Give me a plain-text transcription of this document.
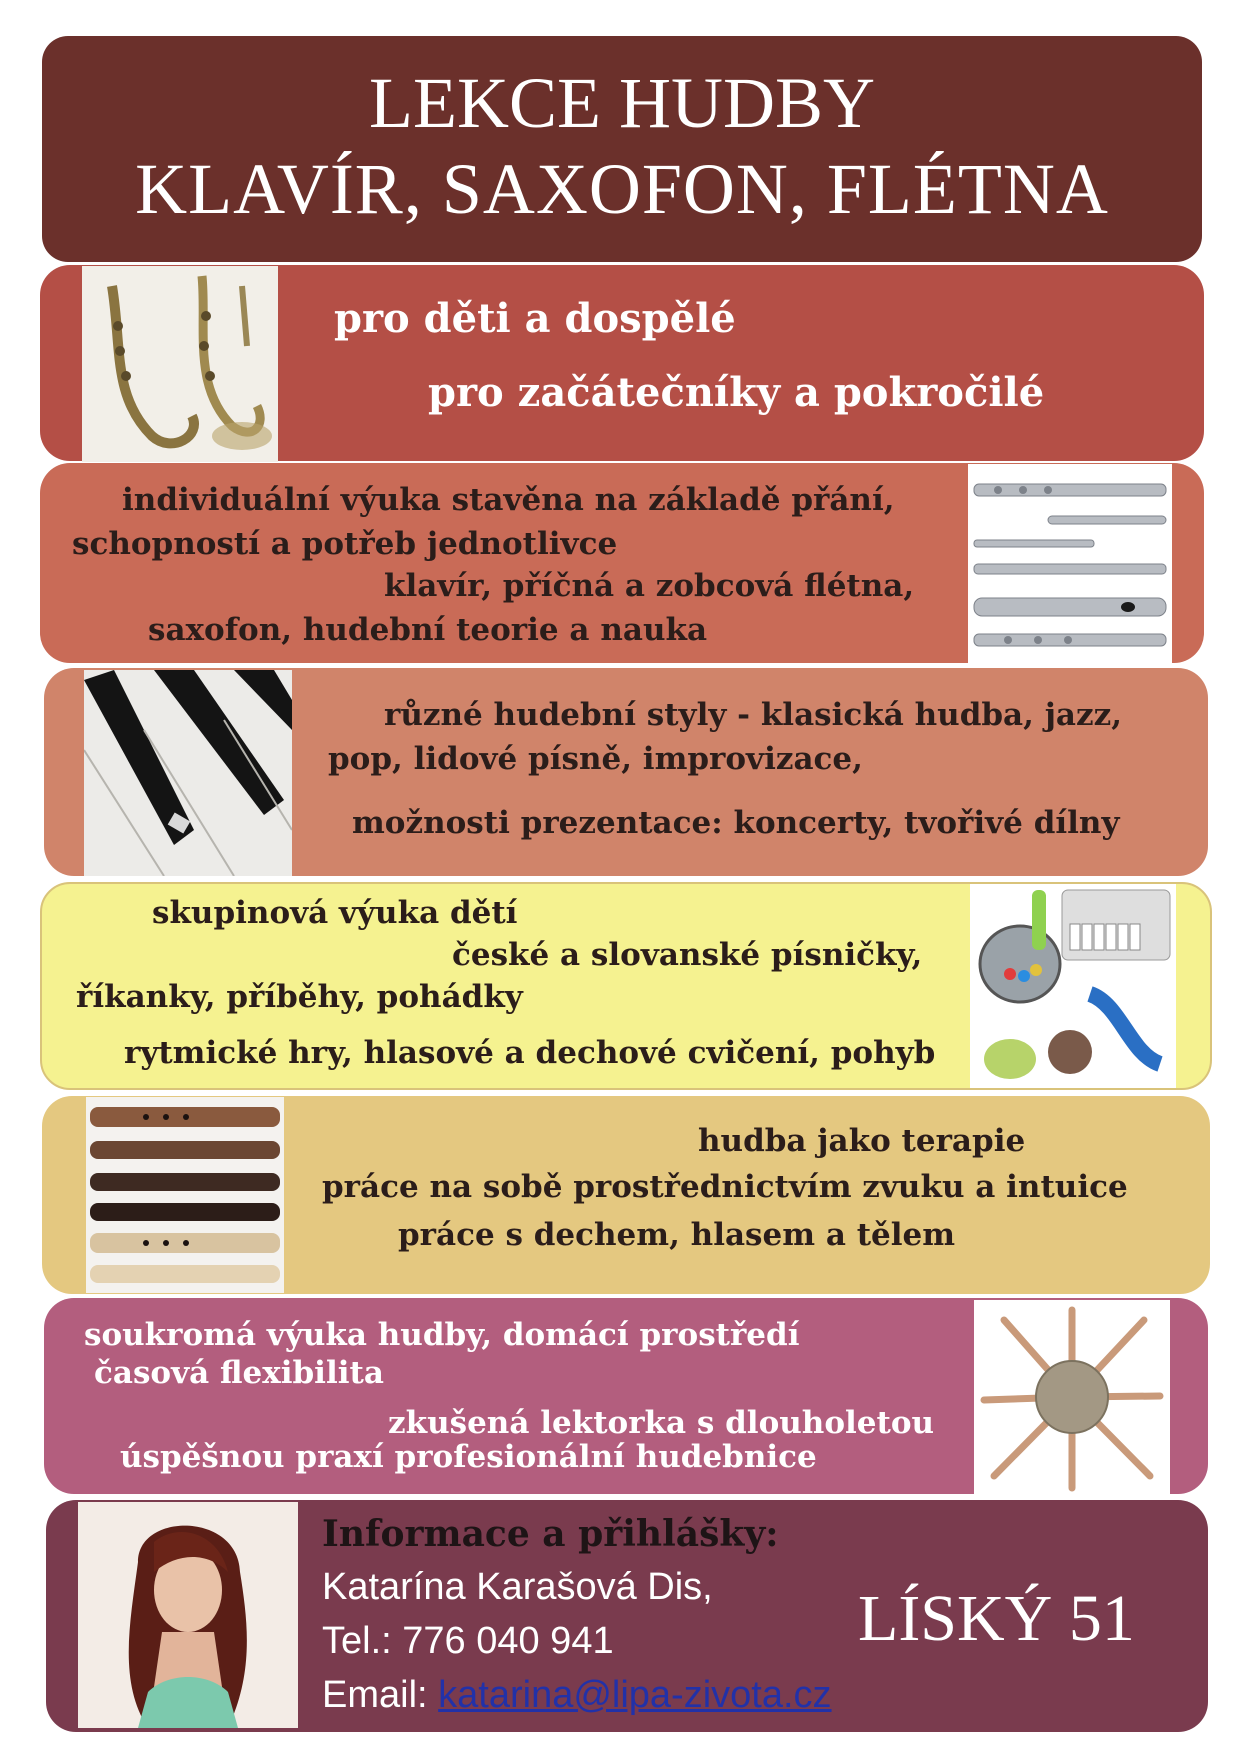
LEKCE HUDBY
KLAVÍR, SAXOFON, FLÉTNA
pro děti a dospělé
pro začátečníky a pokročilé
individuální výuka stavěna na základě přání,
schopností a potřeb jednotlivce
klavír, příčná a zobcová flétna,
saxofon, hudební teorie a nauka
různé hudební styly - klasická hudba, jazz,
pop, lidové písně, improvizace,
možnosti prezentace: koncerty, tvořivé dílny
skupinová výuka dětí
české a slovanské písničky,
říkanky, příběhy, pohádky
rytmické hry, hlasové a dechové cvičení, pohyb
hudba jako terapie
práce na sobě prostřednictvím zvuku a intuice
práce s dechem, hlasem a tělem
soukromá výuka hudby, domácí prostředí
časová flexibilita
zkušená lektorka s dlouholetou
úspěšnou praxí profesionální hudebnice
Informace a přihlášky:
Katarína Karašová Dis,
Tel.: 776 040 941
Email: katarina@lipa-zivota.cz
LÍSKÝ 51
